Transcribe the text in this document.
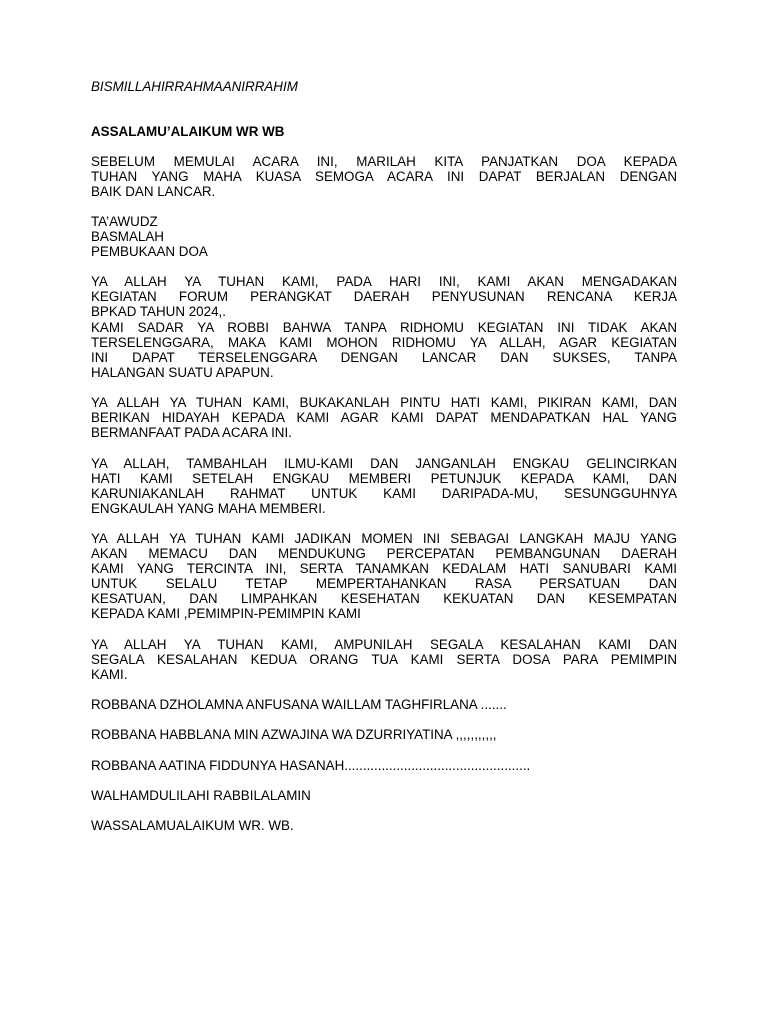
BISMILLAHIRRAHMAANIRRAHIM
ASSALAMU’ALAIKUM WR WB
SEBELUM MEMULAI ACARA INI, MARILAH KITA PANJATKAN DOA KEPADA
TUHAN YANG MAHA KUASA SEMOGA ACARA INI DAPAT BERJALAN DENGAN
BAIK DAN LANCAR.
TA’AWUDZ
BASMALAH
PEMBUKAAN DOA
YA ALLAH YA TUHAN KAMI, PADA HARI INI, KAMI AKAN MENGADAKAN
KEGIATAN FORUM PERANGKAT DAERAH PENYUSUNAN RENCANA KERJA
BPKAD TAHUN 2024,.
KAMI SADAR YA ROBBI BAHWA TANPA RIDHOMU KEGIATAN INI TIDAK AKAN
TERSELENGGARA, MAKA KAMI MOHON RIDHOMU YA ALLAH, AGAR KEGIATAN
INI DAPAT TERSELENGGARA DENGAN LANCAR DAN SUKSES, TANPA
HALANGAN SUATU APAPUN.
YA ALLAH YA TUHAN KAMI, BUKAKANLAH PINTU HATI KAMI, PIKIRAN KAMI, DAN
BERIKAN HIDAYAH KEPADA KAMI AGAR KAMI DAPAT MENDAPATKAN HAL YANG
BERMANFAAT PADA ACARA INI.
YA ALLAH, TAMBAHLAH ILMU-KAMI DAN JANGANLAH ENGKAU GELINCIRKAN
HATI KAMI SETELAH ENGKAU MEMBERI PETUNJUK KEPADA KAMI, DAN
KARUNIAKANLAH RAHMAT UNTUK KAMI DARIPADA-MU, SESUNGGUHNYA
ENGKAULAH YANG MAHA MEMBERI.
YA ALLAH YA TUHAN KAMI JADIKAN MOMEN INI SEBAGAI LANGKAH MAJU YANG
AKAN MEMACU DAN MENDUKUNG PERCEPATAN PEMBANGUNAN DAERAH
KAMI YANG TERCINTA INI, SERTA TANAMKAN KEDALAM HATI SANUBARI KAMI
UNTUK SELALU TETAP MEMPERTAHANKAN RASA PERSATUAN DAN
KESATUAN, DAN LIMPAHKAN KESEHATAN KEKUATAN DAN KESEMPATAN
KEPADA KAMI ,PEMIMPIN-PEMIMPIN KAMI
YA ALLAH YA TUHAN KAMI, AMPUNILAH SEGALA KESALAHAN KAMI DAN
SEGALA KESALAHAN KEDUA ORANG TUA KAMI SERTA DOSA PARA PEMIMPIN
KAMI.
ROBBANA DZHOLAMNA ANFUSANA WAILLAM TAGHFIRLANA .......
ROBBANA HABBLANA MIN AZWAJINA WA DZURRIYATINA ,,,,,,,,,,,
ROBBANA AATINA FIDDUNYA HASANAH..................................................
WALHAMDULILAHI RABBILALAMIN
WASSALAMUALAIKUM WR. WB.
